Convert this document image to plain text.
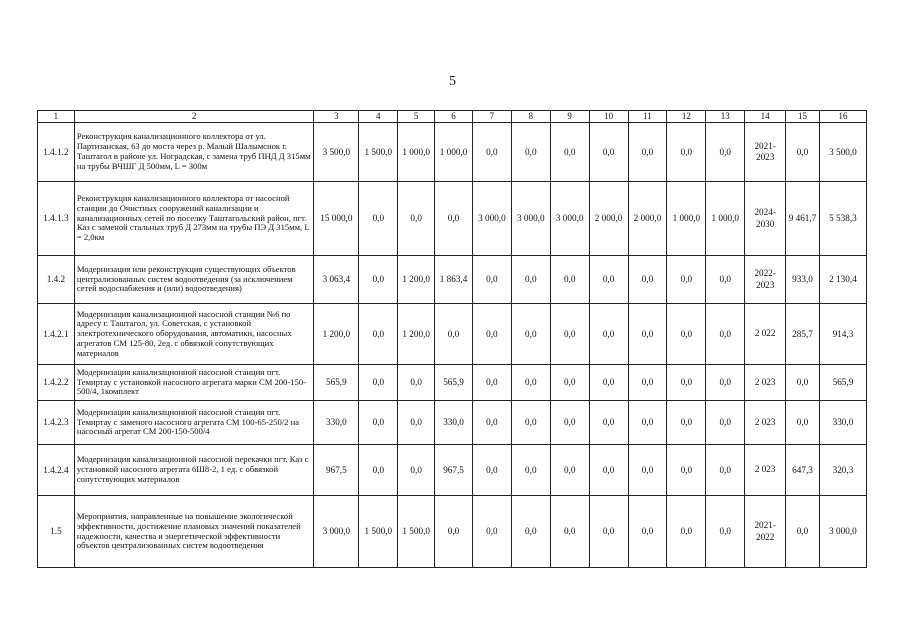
5
1	2	3	4	5	6	7	8	9	10	11	12	13	14	15	16
1.4.1.2	Реконструкция канализационного коллектора от ул. Партизанская, 63 до моста через р. Малый Шалымсиок г. Таштагол в районе ул. Ноградская, с замена труб ПНД Д 315мм на трубы ВЧШГ Д 500мм, L = 300м	3 500,0	1 500,0	1 000,0	1 000,0	0,0	0,0	0,0	0,0	0,0	0,0	0,0	2021-2023	0,0	3 500,0
1.4.1.3	Реконструкция канализационного коллектора от насосной станции до Очистных сооружений канализации и канализационных сетей по поселку Таштагольский район, пгт. Каз с заменой стальных труб Д 273мм на трубы ПЭ Д 315мм, L = 2,0км	15 000,0	0,0	0,0	0,0	3 000,0	3 000,0	3 000,0	2 000,0	2 000,0	1 000,0	1 000,0	2024-2030	9 461,7	5 538,3
1.4.2	Модернизация или реконструкция существующих объектов централизованных систем водоотведения (за исключением сетей водоснабжения и (или) водоотведения)	3 063,4	0,0	1 200,0	1 863,4	0,0	0,0	0,0	0,0	0,0	0,0	0,0	2022-2023	933,0	2 130,4
1.4.2.1	Модернизация канализационной насосной станции №6 по адресу г. Таштагол, ул. Советская, с установкой электротехнического оборудования, автоматики, насосных агрегатов СМ 125-80, 2ед. с обвязкой сопутствующих материалов	1 200,0	0,0	1 200,0	0,0	0,0	0,0	0,0	0,0	0,0	0,0	0,0	2 022	285,7	914,3
1.4.2.2	Модернизация канализационной насосной станции пгт. Темиртау с установкой насосного агрегата марки СМ 200-150-500/4, 1комплект	565,9	0,0	0,0	565,9	0,0	0,0	0,0	0,0	0,0	0,0	0,0	2 023	0,0	565,9
1.4.2.3	Модернизация канализационной насосной станции пгт. Темиртау с заменого насосного агрегата СМ 100-65-250/2 на насосный агрегат СМ 200-150-500/4	330,0	0,0	0,0	330,0	0,0	0,0	0,0	0,0	0,0	0,0	0,0	2 023	0,0	330,0
1.4.2.4	Модернизация канализационной насосной перекачки пгт. Каз с установкой насосного агрегата 6Ш8-2, 1 ед. с обвязкой сопутствующих материалов	967,5	0,0	0,0	967,5	0,0	0,0	0,0	0,0	0,0	0,0	0,0	2 023	647,3	320,3
1.5	Мероприятия, направленные на повышение экологической эффективности, достижение плановых значений показателей надежности, качества и энергетической эффективности объектов централизованных систем водоотведения	3 000,0	1 500,0	1 500,0	0,0	0,0	0,0	0,0	0,0	0,0	0,0	0,0	2021-2022	0,0	3 000,0
